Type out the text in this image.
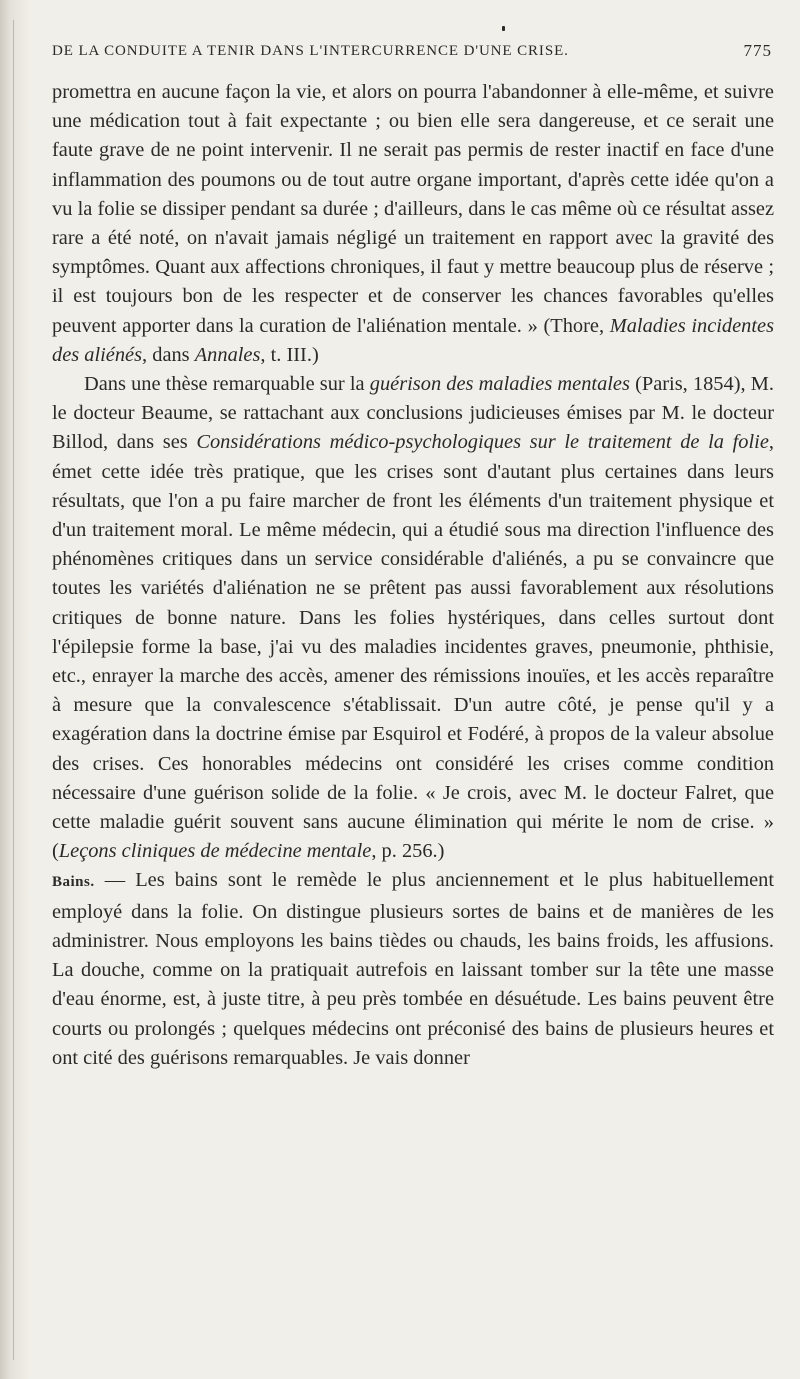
DE LA CONDUITE A TENIR DANS L'INTERCURRENCE D'UNE CRISE.	775

promettra en aucune façon la vie, et alors on pourra l'abandonner à elle-même, et suivre une médication tout à fait expectante ; ou bien elle sera dangereuse, et ce serait une faute grave de ne point intervenir. Il ne serait pas permis de rester inactif en face d'une inflammation des poumons ou de tout autre organe important, d'après cette idée qu'on a vu la folie se dissiper pendant sa durée ; d'ailleurs, dans le cas même où ce résultat assez rare a été noté, on n'avait jamais négligé un traitement en rapport avec la gravité des symptômes. Quant aux affections chroniques, il faut y mettre beaucoup plus de réserve ; il est toujours bon de les respecter et de conserver les chances favorables qu'elles peuvent apporter dans la curation de l'aliénation mentale. » (Thore, Maladies incidentes des aliénés, dans Annales, t. III.)

Dans une thèse remarquable sur la guérison des maladies mentales (Paris, 1854), M. le docteur Beaume, se rattachant aux conclusions judicieuses émises par M. le docteur Billod, dans ses Considérations médico-psychologiques sur le traitement de la folie, émet cette idée très pratique, que les crises sont d'autant plus certaines dans leurs résultats, que l'on a pu faire marcher de front les éléments d'un traitement physique et d'un traitement moral. Le même médecin, qui a étudié sous ma direction l'influence des phénomènes critiques dans un service considérable d'aliénés, a pu se convaincre que toutes les variétés d'aliénation ne se prêtent pas aussi favorablement aux résolutions critiques de bonne nature. Dans les folies hystériques, dans celles surtout dont l'épilepsie forme la base, j'ai vu des maladies incidentes graves, pneumonie, phthisie, etc., enrayer la marche des accès, amener des rémissions inouïes, et les accès reparaître à mesure que la convalescence s'établissait. D'un autre côté, je pense qu'il y a exagération dans la doctrine émise par Esquirol et Fodéré, à propos de la valeur absolue des crises. Ces honorables médecins ont considéré les crises comme condition nécessaire d'une guérison solide de la folie. « Je crois, avec M. le docteur Falret, que cette maladie guérit souvent sans aucune élimination qui mérite le nom de crise. » (Leçons cliniques de médecine mentale, p. 256.)

Bains. — Les bains sont le remède le plus anciennement et le plus habituellement employé dans la folie. On distingue plusieurs sortes de bains et de manières de les administrer. Nous employons les bains tièdes ou chauds, les bains froids, les affusions. La douche, comme on la pratiquait autrefois en laissant tomber sur la tête une masse d'eau énorme, est, à juste titre, à peu près tombée en désuétude. Les bains peuvent être courts ou prolongés ; quelques médecins ont préconisé des bains de plusieurs heures et ont cité des guérisons remarquables. Je vais donner
